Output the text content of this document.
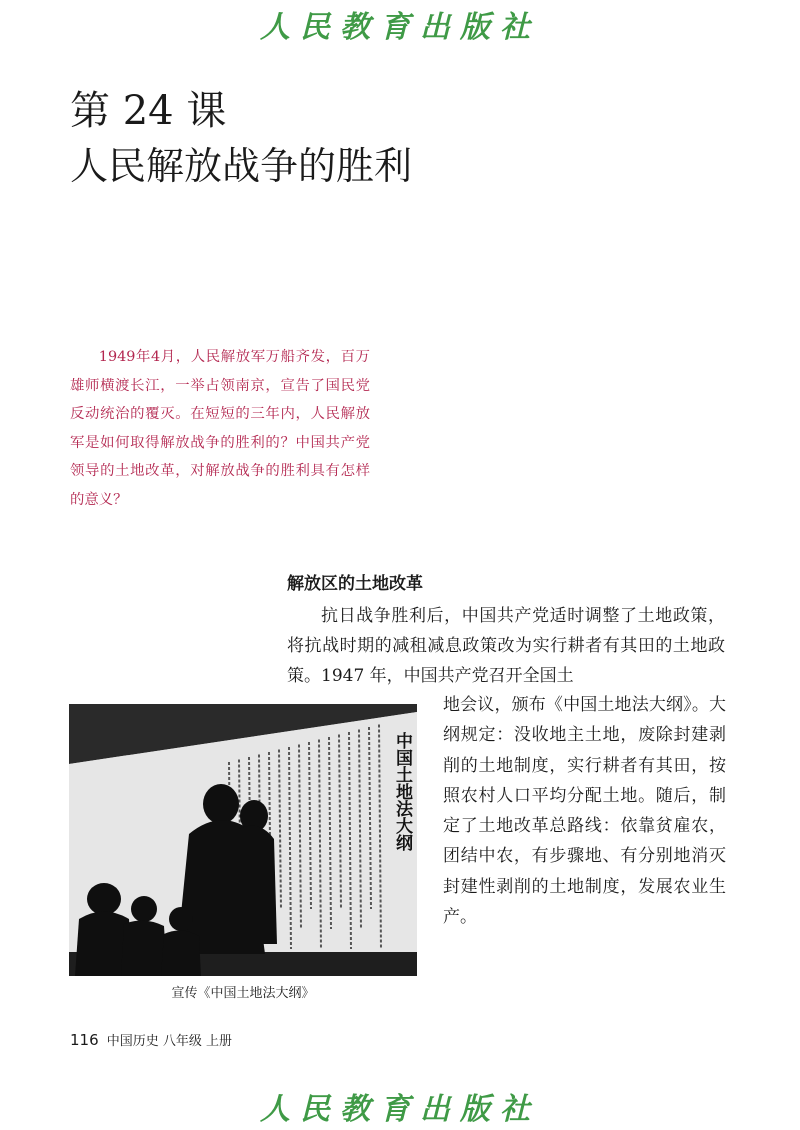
人民教育出版社
第 24 课
人民解放战争的胜利

1949年4月，人民解放军万船齐发，百万雄师横渡长江，一举占领南京，宣告了国民党反动统治的覆灭。在短短的三年内，人民解放军是如何取得解放战争的胜利的？中国共产党领导的土地改革，对解放战争的胜利具有怎样的意义？

解放区的土地改革

抗日战争胜利后，中国共产党适时调整了土地政策，将抗战时期的减租减息政策改为实行耕者有其田的土地政策。1947 年，中国共产党召开全国土

地会议，颁布《中国土地法大纲》。大纲规定：没收地主土地，废除封建剥削的土地制度，实行耕者有其田，按照农村人口平均分配土地。随后，制定了土地改革总路线：依靠贫雇农，团结中农，有步骤地、有分别地消灭封建性剥削的土地制度，发展农业生产。

中国土地法大纲

宣传《中国土地法大纲》

116 中国历史 八年级 上册
人民教育出版社
